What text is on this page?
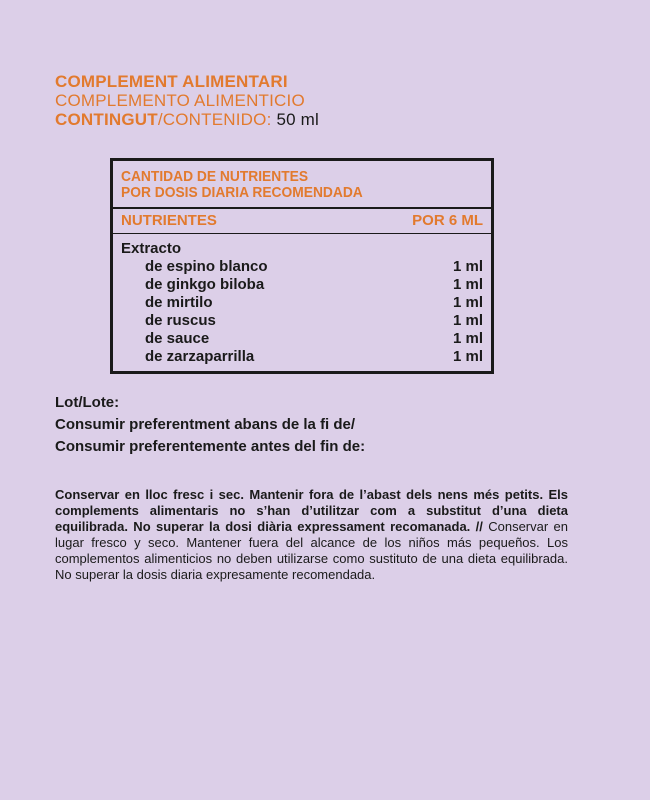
COMPLEMENT ALIMENTARI
COMPLEMENTO ALIMENTICIO
CONTINGUT/CONTENIDO: 50 ml
CANTIDAD DE NUTRIENTES
POR DOSIS DIARIA RECOMENDADA
NUTRIENTES	POR 6 ML
Extracto
de espino blanco	1 ml
de ginkgo biloba	1 ml
de mirtilo	1 ml
de ruscus	1 ml
de sauce	1 ml
de zarzaparrilla	1 ml
Lot/Lote:
Consumir preferentment abans de la fi de/
Consumir preferentemente antes del fin de:
Conservar en lloc fresc i sec. Mantenir fora de l’abast dels nens més petits. Els complements alimentaris no s’han d’utilitzar com a substitut d’una dieta equilibrada. No superar la dosi diària expressament recomanada. // Conservar en lugar fresco y seco. Mantener fuera del alcance de los niños más pequeños. Los complementos alimenticios no deben utilizarse como sustituto de una dieta equilibrada. No superar la dosis diaria expresamente recomendada.
